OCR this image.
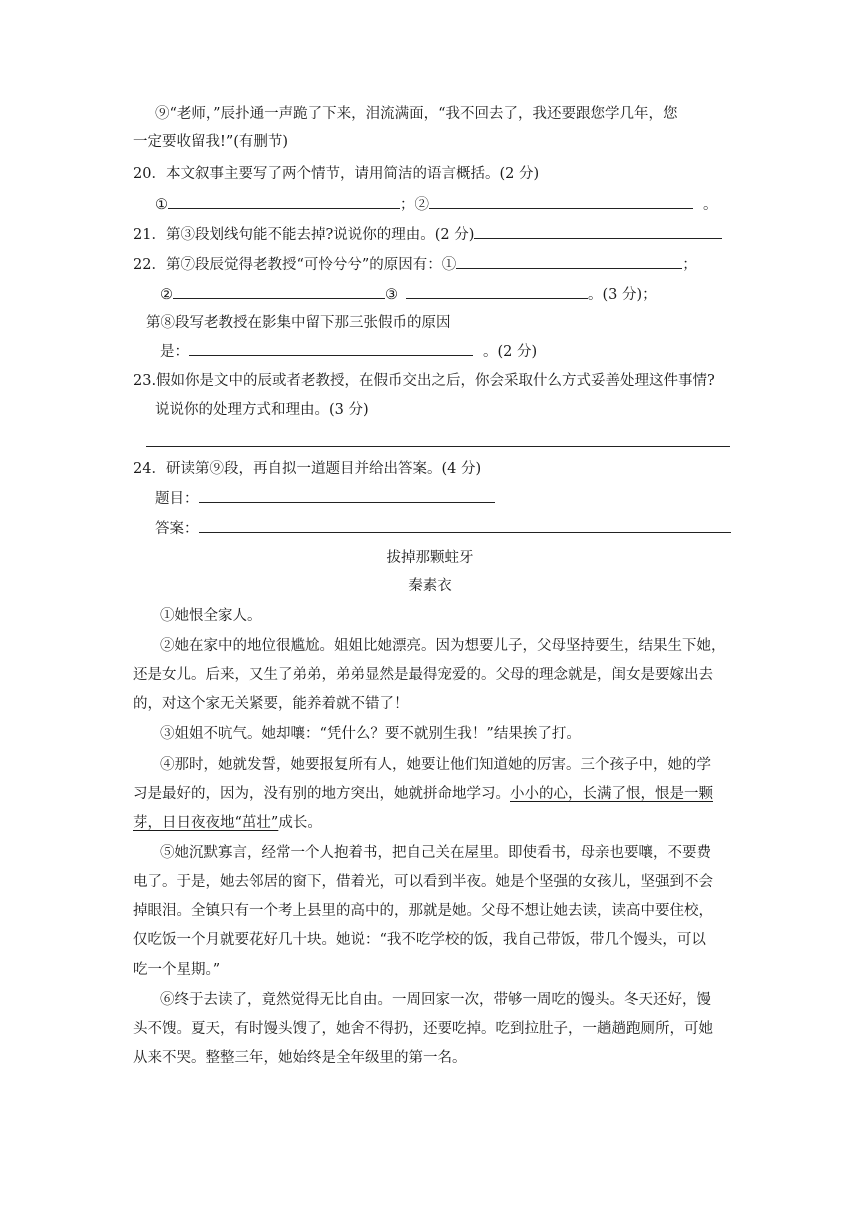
⑨“老师，”辰扑通一声跪了下来，泪流满面，“我不回去了，我还要跟您学几年，您
一定要收留我!”(有删节)
20．本文叙事主要写了两个情节，请用简洁的语言概括。(2 分)
①	；②	。
21．第③段划线句能不能去掉?说说你的理由。(2 分)
22．第⑦段辰觉得老教授“可怜兮兮”的原因有：①	；
②	③	。(3 分)；
第⑧段写老教授在影集中留下那三张假币的原因
是：	。(2 分)
23.假如你是文中的辰或者老教授，在假币交出之后，你会采取什么方式妥善处理这件事情?
说说你的处理方式和理由。(3 分)
24．研读第⑨段，再自拟一道题目并给出答案。(4 分)
题目：
答案：
拔掉那颗蛀牙
秦素衣
①她恨全家人。
②她在家中的地位很尴尬。姐姐比她漂亮。因为想要儿子，父母坚持要生，结果生下她，
还是女儿。后来，又生了弟弟，弟弟显然是最得宠爱的。父母的理念就是，闺女是要嫁出去
的，对这个家无关紧要，能养着就不错了！
③姐姐不吭气。她却嚷：“凭什么？要不就别生我！”结果挨了打。
④那时，她就发誓，她要报复所有人，她要让他们知道她的厉害。三个孩子中，她的学
习是最好的，因为，没有别的地方突出，她就拼命地学习。小小的心，长满了恨，恨是一颗
芽，日日夜夜地“茁壮”成长。
⑤她沉默寡言，经常一个人抱着书，把自己关在屋里。即使看书，母亲也要嚷，不要费
电了。于是，她去邻居的窗下，借着光，可以看到半夜。她是个坚强的女孩儿，坚强到不会
掉眼泪。全镇只有一个考上县里的高中的，那就是她。父母不想让她去读，读高中要住校，
仅吃饭一个月就要花好几十块。她说：“我不吃学校的饭，我自己带饭，带几个馒头，可以
吃一个星期。”
⑥终于去读了，竟然觉得无比自由。一周回家一次，带够一周吃的馒头。冬天还好，馒
头不馊。夏天，有时馒头馊了，她舍不得扔，还要吃掉。吃到拉肚子，一趟趟跑厕所，可她
从来不哭。整整三年，她始终是全年级里的第一名。
